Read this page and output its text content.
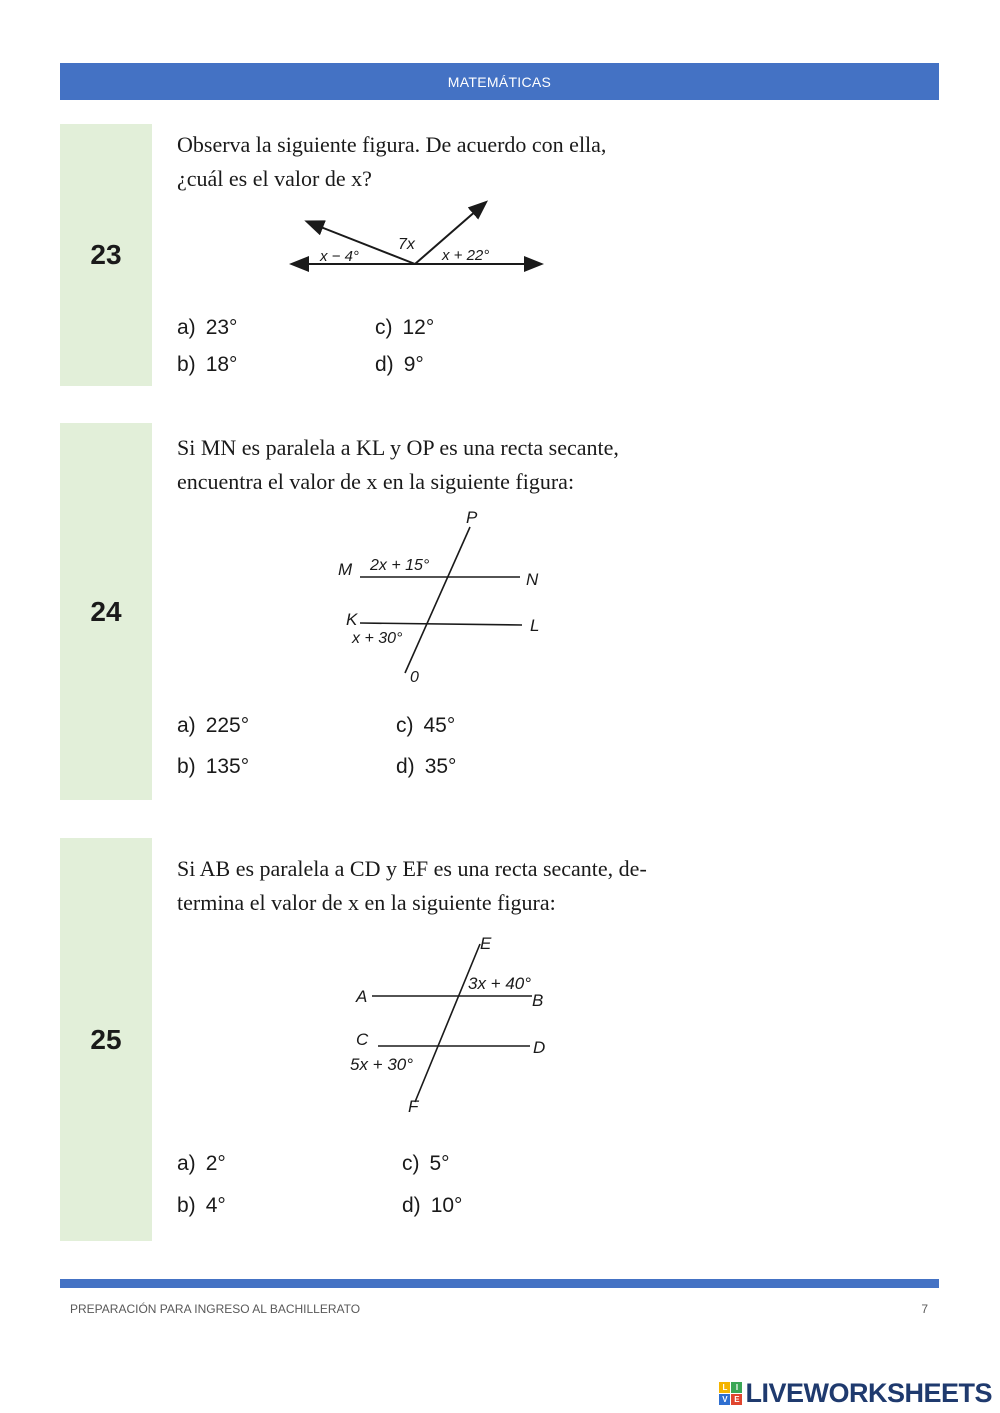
MATEMÁTICAS
23
Observa la siguiente figura. De acuerdo con ella,
¿cuál es el valor de x?
x − 4°
7x
x + 22°
a) 23°
b) 18°
c) 12°
d) 9°
24
Si MN es paralela a KL y OP es una recta secante,
encuentra el valor de x en la siguiente figura:
P
M
N
K	L
0
2x + 15°
x + 30°
a) 225°
b) 135°
c) 45°
d) 35°
25
Si AB es paralela a CD y EF es una recta secante, de-
termina el valor de x en la siguiente figura:
E
A	B
C	D
F
3x + 40°
5x + 30°
a) 2°
b) 4°
c) 5°
d) 10°
PREPARACIÓN PARA INGRESO AL BACHILLERATO	7
L	I
V E LIVEWORKSHEETS
